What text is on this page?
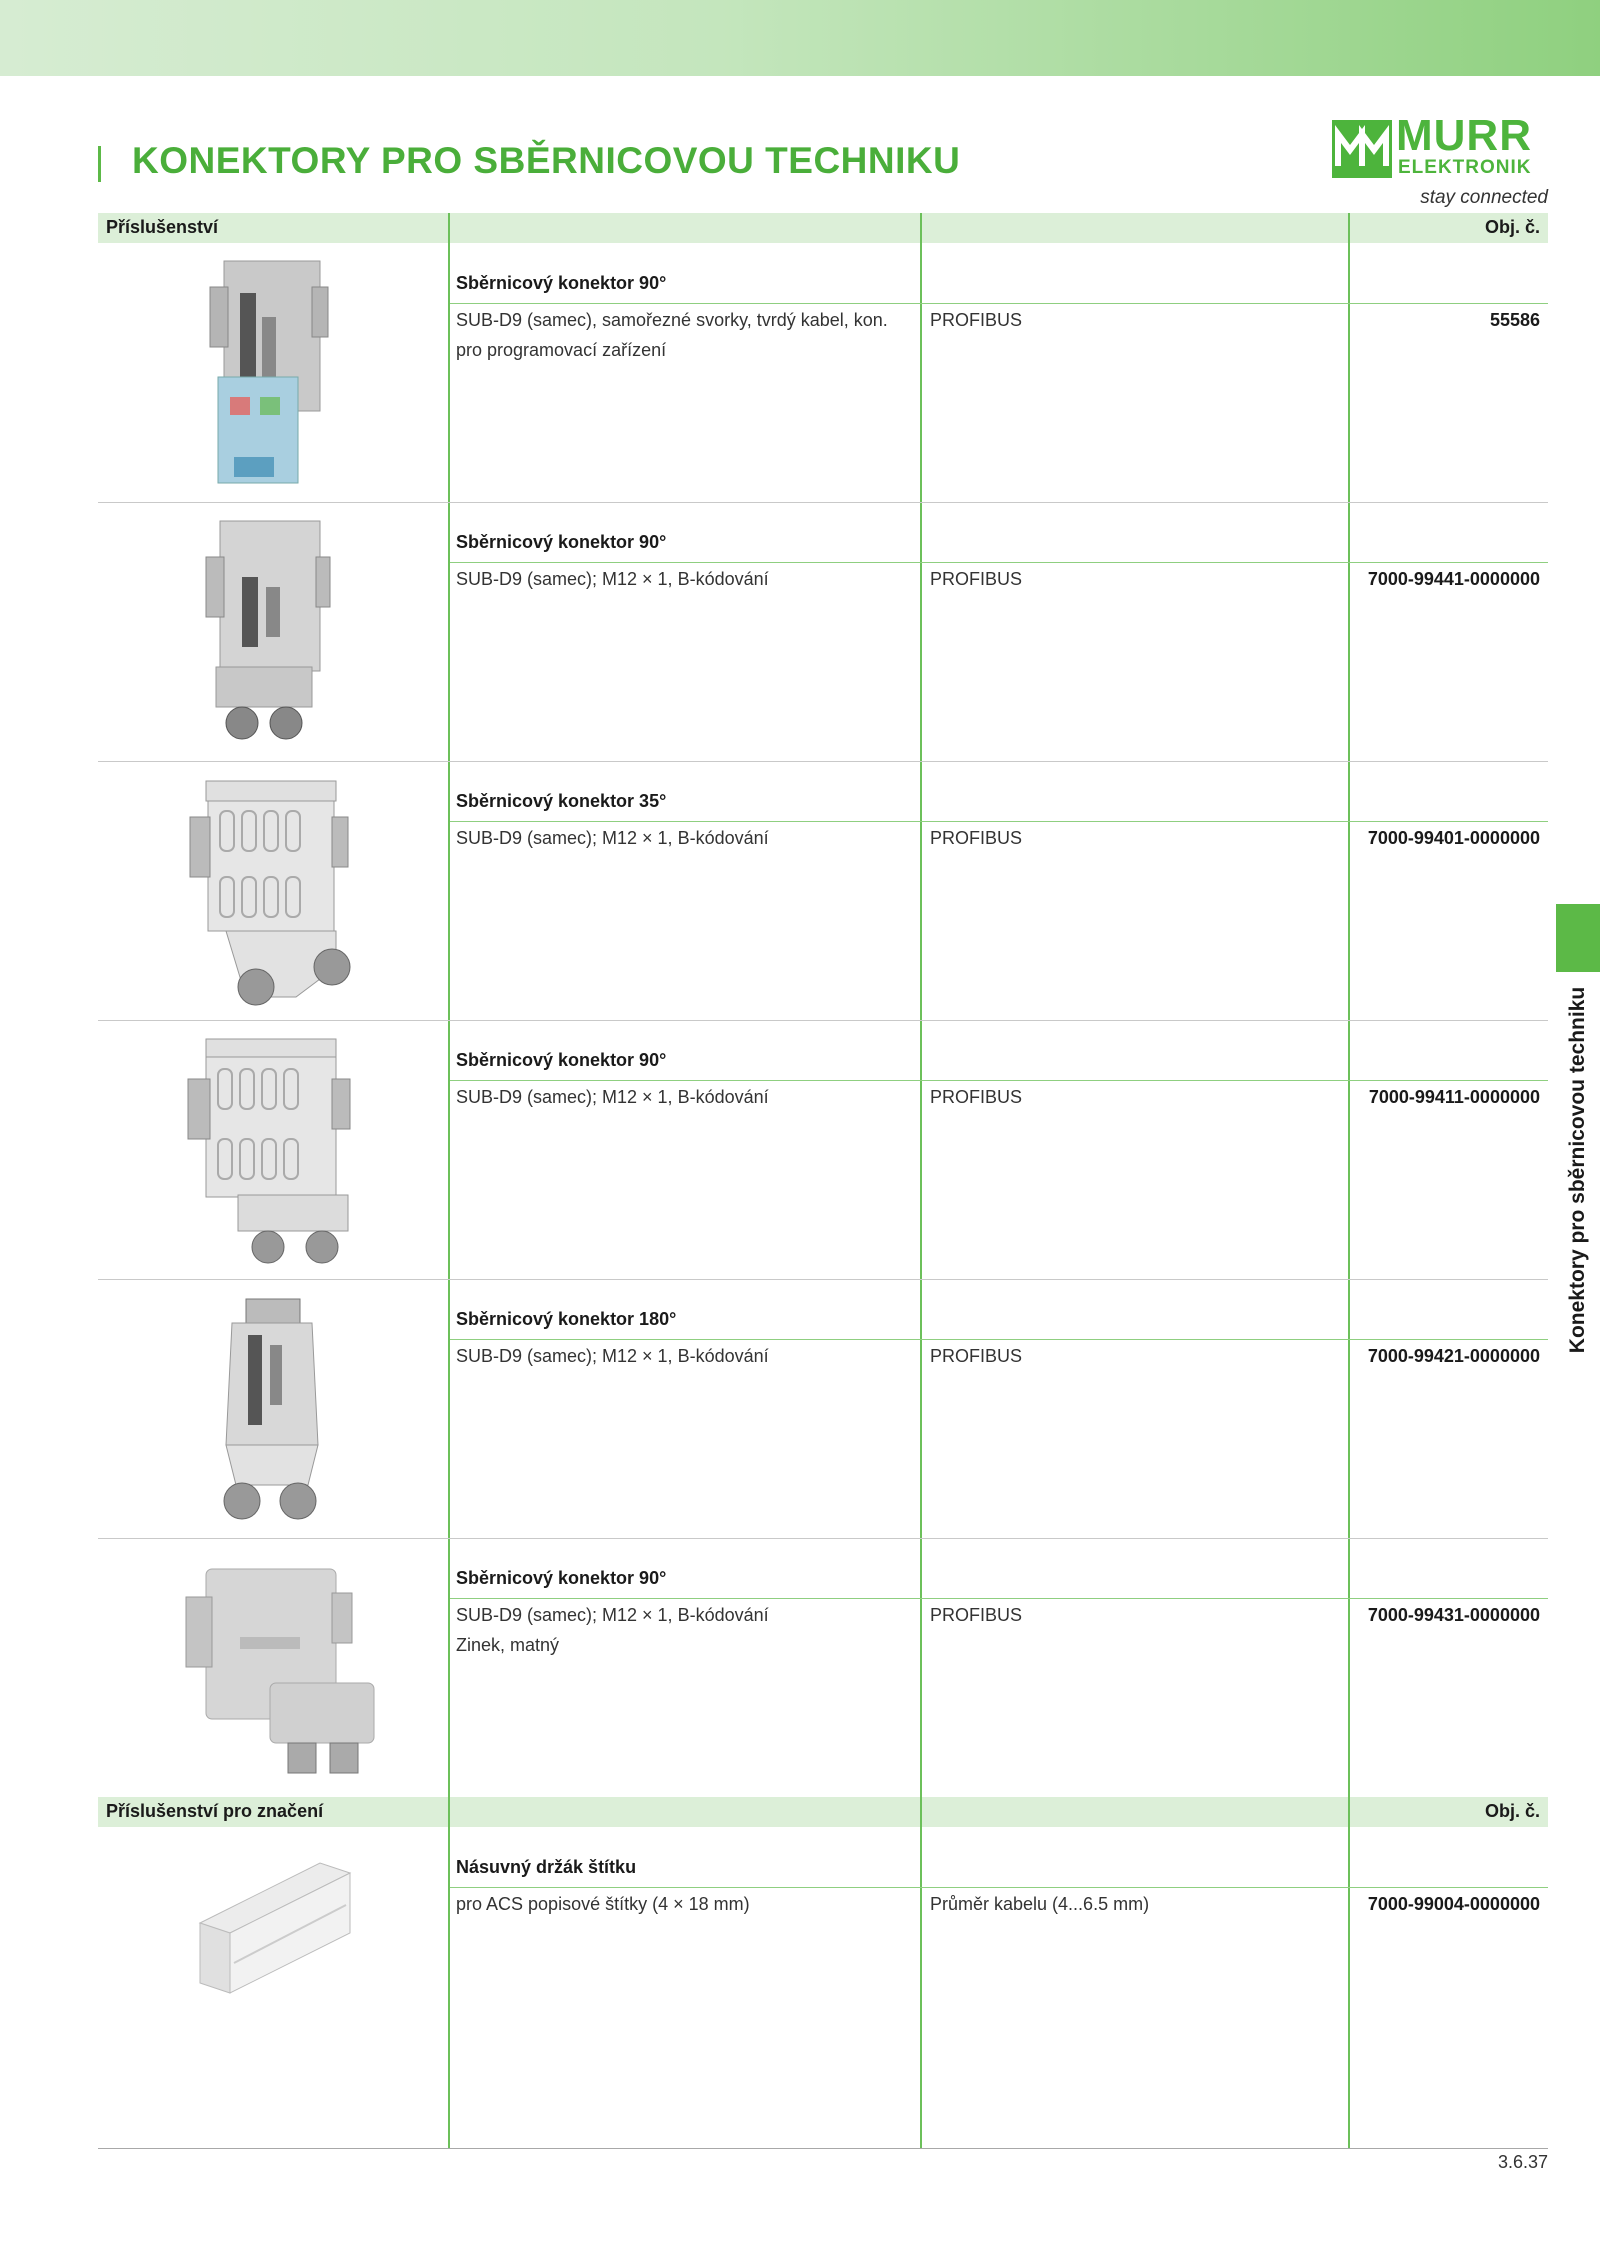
KONEKTORY PRO SBĚRNICOVOU TECHNIKU
MURR
ELEKTRONIK
stay connected
Příslušenství	Obj. č.
Příslušenství pro značení	Obj. č.
Sběrnicový konektor 90°
SUB-D9 (samec), samořezné svorky, tvrdý kabel, kon. pro programovací zařízení
PROFIBUS	55586
Sběrnicový konektor 90°
SUB-D9 (samec); M12 × 1, B-kódování	PROFIBUS	7000-99441-0000000
Sběrnicový konektor 35°
SUB-D9 (samec); M12 × 1, B-kódování	PROFIBUS	7000-99401-0000000
Sběrnicový konektor 90°
SUB-D9 (samec); M12 × 1, B-kódování	PROFIBUS	7000-99411-0000000
Sběrnicový konektor 180°
SUB-D9 (samec); M12 × 1, B-kódování	PROFIBUS	7000-99421-0000000
Sběrnicový konektor 90°
SUB-D9 (samec); M12 × 1, B-kódování
Zinek, matný
PROFIBUS	7000-99431-0000000
Násuvný držák štítku
pro ACS popisové štítky (4 × 18 mm)	Průměr kabelu (4...6.5 mm)	7000-99004-0000000
Konektory pro sběrnicovou techniku
3.6.37
